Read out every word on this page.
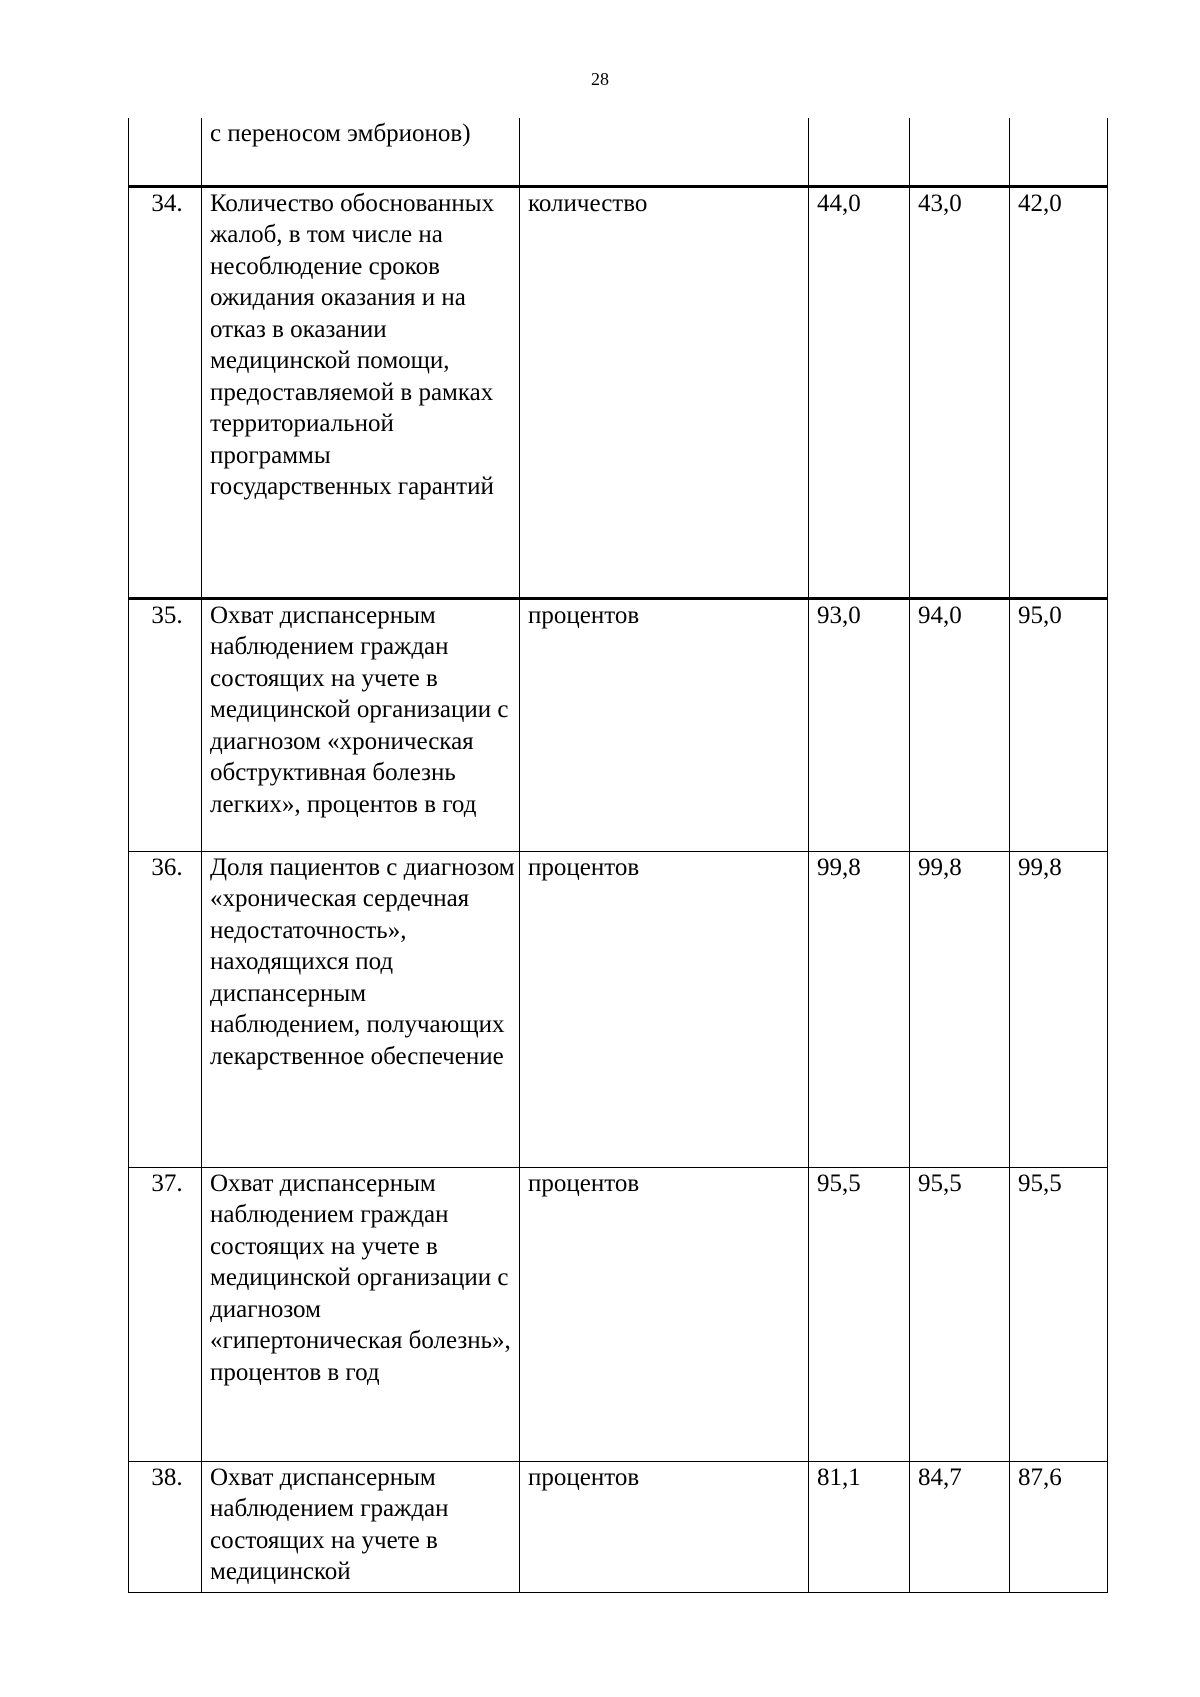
28
	с переносом эмбрионов)				
34.	Количество обоснованных жалоб, в том числе на несоблюдение сроков ожидания оказания и на отказ в оказании медицинской помощи, предоставляемой в рамках территориальной программы государственных гарантий	количество	44,0	43,0	42,0
35.	Охват диспансерным наблюдением граждан состоящих на учете в медицинской организации с диагнозом «хроническая обструктивная болезнь легких», процентов в год	процентов	93,0	94,0	95,0
36.	Доля пациентов с диагнозом «хроническая сердечная недостаточность», находящихся под диспансерным наблюдением, получающих лекарственное обеспечение	процентов	99,8	99,8	99,8
37.	Охват диспансерным наблюдением граждан состоящих на учете в медицинской организации с диагнозом «гипертоническая болезнь», процентов в год	процентов	95,5	95,5	95,5
38.	Охват диспансерным наблюдением граждан состоящих на учете в медицинской	процентов	81,1	84,7	87,6
